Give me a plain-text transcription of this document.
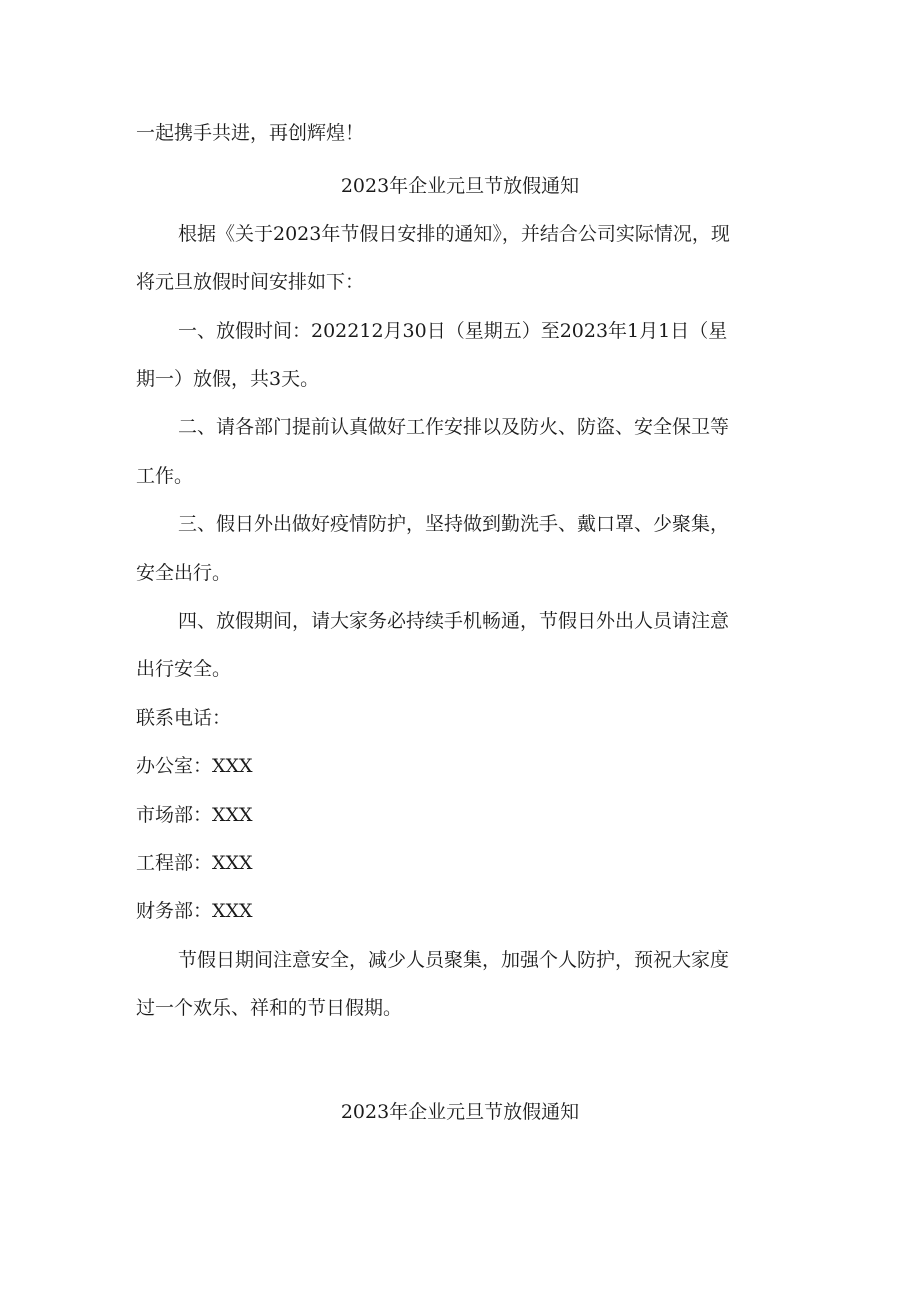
一起携手共进，再创辉煌！
2023年企业元旦节放假通知
根据《关于2023年节假日安排的通知》，并结合公司实际情况，现
将元旦放假时间安排如下：
一、放假时间：202212月30日（星期五）至2023年1月1日（星
期一）放假，共3天。
二、请各部门提前认真做好工作安排以及防火、防盗、安全保卫等
工作。
三、假日外出做好疫情防护，坚持做到勤洗手、戴口罩、少聚集，
安全出行。
四、放假期间，请大家务必持续手机畅通，节假日外出人员请注意
出行安全。
联系电话：
办公室：XXX
市场部：XXX
工程部：XXX
财务部：XXX
节假日期间注意安全，减少人员聚集，加强个人防护，预祝大家度
过一个欢乐、祥和的节日假期。
2023年企业元旦节放假通知
